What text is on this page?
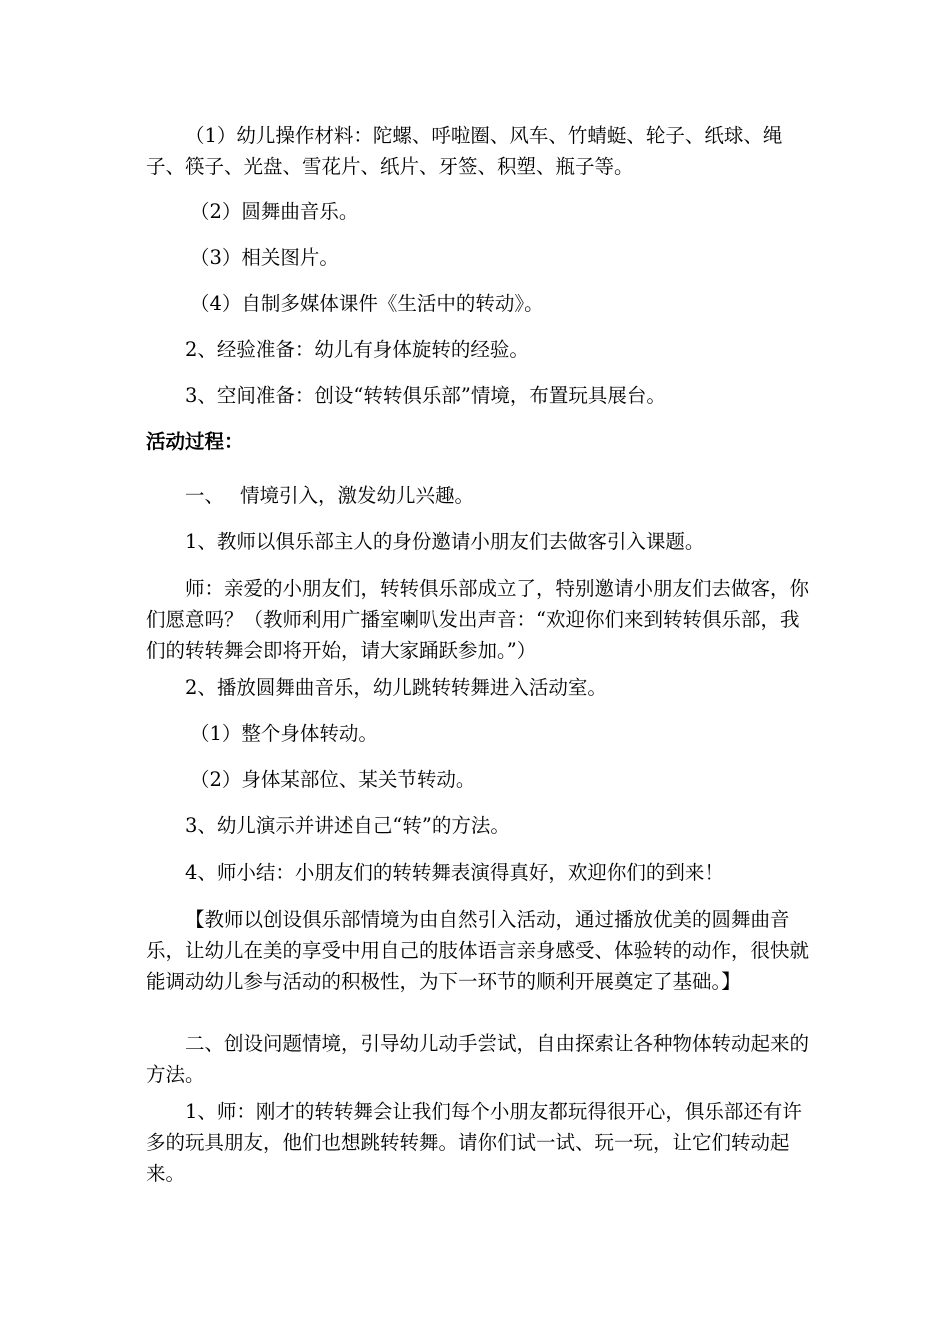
（1）幼儿操作材料：陀螺、呼啦圈、风车、竹蜻蜓、轮子、纸球、绳子、筷子、光盘、雪花片、纸片、牙签、积塑、瓶子等。

（2）圆舞曲音乐。

（3）相关图片。

（4）自制多媒体课件《生活中的转动》。

2、经验准备：幼儿有身体旋转的经验。

3、空间准备：创设“转转俱乐部”情境，布置玩具展台。

活动过程：

一、　 情境引入，激发幼儿兴趣。

1、教师以俱乐部主人的身份邀请小朋友们去做客引入课题。

师：亲爱的小朋友们，转转俱乐部成立了，特别邀请小朋友们去做客，你们愿意吗？（教师利用广播室喇叭发出声音：“欢迎你们来到转转俱乐部，我们的转转舞会即将开始，请大家踊跃参加。”）

2、播放圆舞曲音乐，幼儿跳转转舞进入活动室。

（1）整个身体转动。

（2）身体某部位、某关节转动。

3、幼儿演示并讲述自己“转”的方法。

4、师小结：小朋友们的转转舞表演得真好，欢迎你们的到来！

【教师以创设俱乐部情境为由自然引入活动，通过播放优美的圆舞曲音乐，让幼儿在美的享受中用自己的肢体语言亲身感受、体验转的动作，很快就能调动幼儿参与活动的积极性，为下一环节的顺利开展奠定了基础。】

二、创设问题情境，引导幼儿动手尝试，自由探索让各种物体转动起来的方法。

1、师：刚才的转转舞会让我们每个小朋友都玩得很开心，俱乐部还有许多的玩具朋友，他们也想跳转转舞。请你们试一试、玩一玩，让它们转动起来。
